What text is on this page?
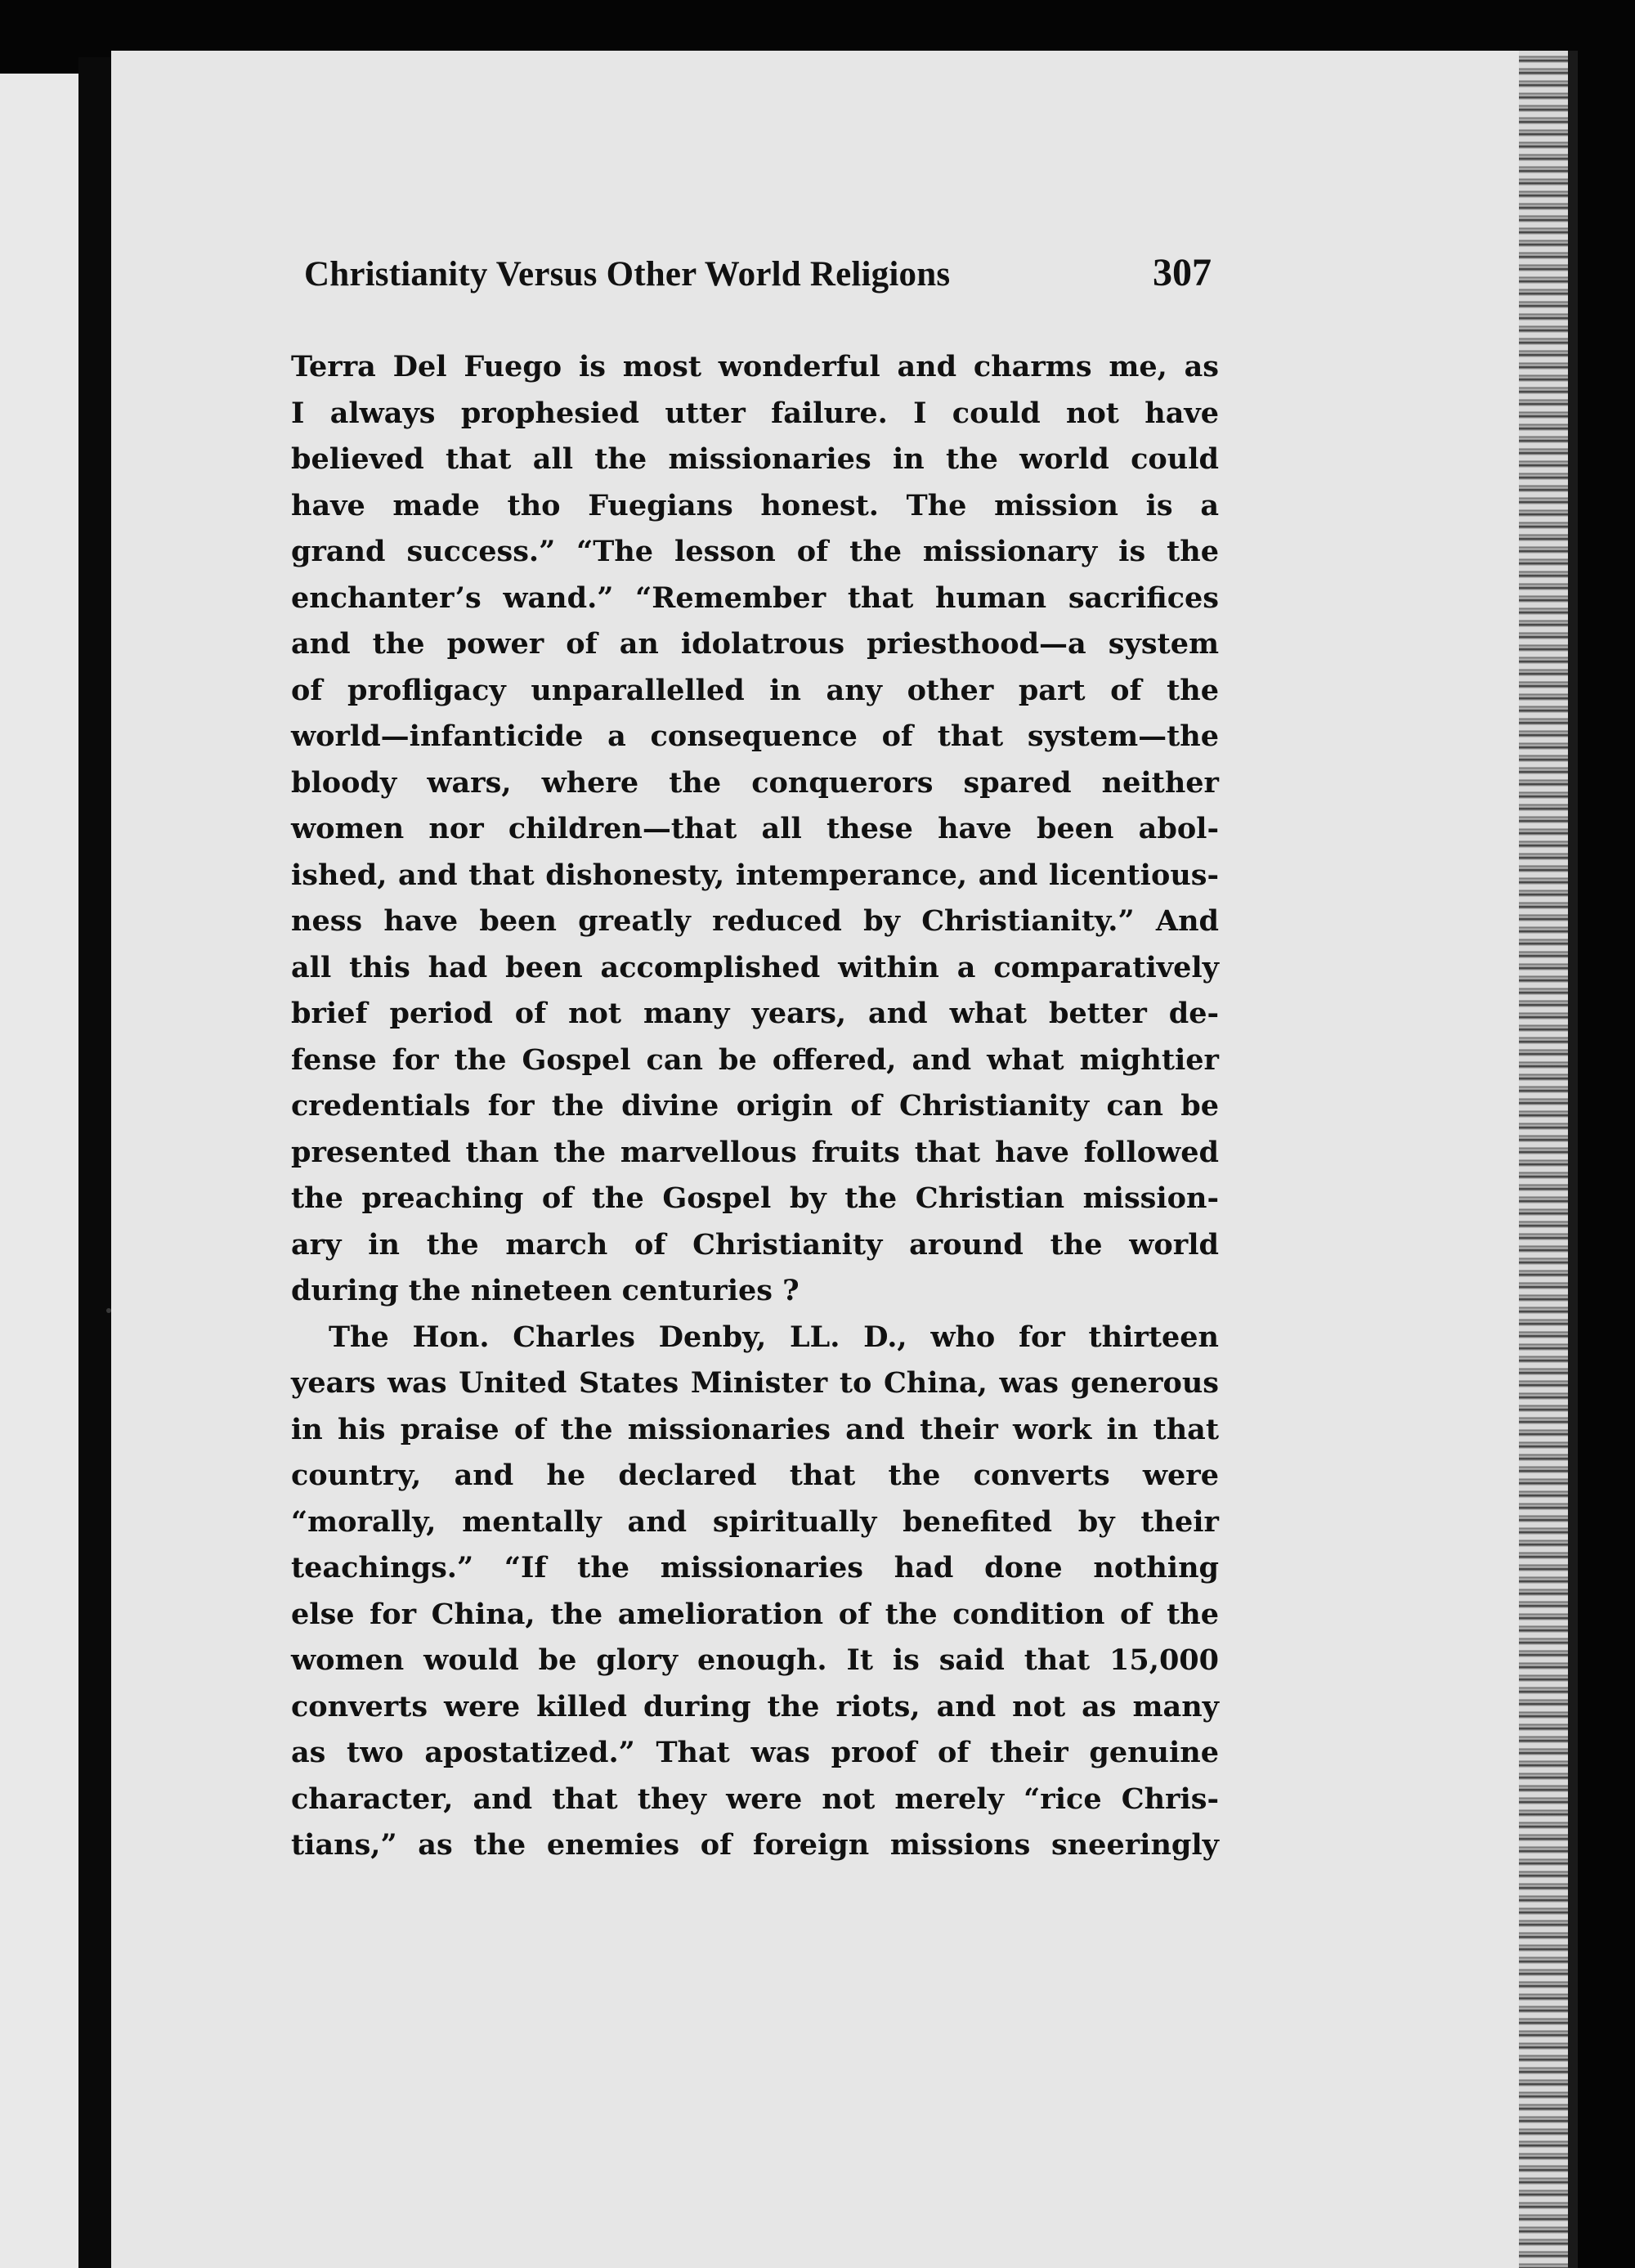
Christianity Versus Other World Religions	307
Terra Del Fuego is most wonderful and charms me, as
I always prophesied utter failure. I could not have
believed that all the missionaries in the world could
have made tho Fuegians honest. The mission is a
grand success.” “The lesson of the missionary is the
enchanter’s wand.” “Remember that human sacrifices
and the power of an idolatrous priesthood—a system
of profligacy unparallelled in any other part of the
world—infanticide a consequence of that system—the
bloody wars, where the conquerors spared neither
women nor children—that all these have been abol-
ished, and that dishonesty, intemperance, and licentious-
ness have been greatly reduced by Christianity.” And
all this had been accomplished within a comparatively
brief period of not many years, and what better de-
fense for the Gospel can be offered, and what mightier
credentials for the divine origin of Christianity can be
presented than the marvellous fruits that have followed
the preaching of the Gospel by the Christian mission-
ary in the march of Christianity around the world
during the nineteen centuries ?
The Hon. Charles Denby, LL. D., who for thirteen
years was United States Minister to China, was generous
in his praise of the missionaries and their work in that
country, and he declared that the converts were
“morally, mentally and spiritually benefited by their
teachings.” “If the missionaries had done nothing
else for China, the amelioration of the condition of the
women would be glory enough. It is said that 15,000
converts were killed during the riots, and not as many
as two apostatized.” That was proof of their genuine
character, and that they were not merely “rice Chris-
tians,” as the enemies of foreign missions sneeringly
